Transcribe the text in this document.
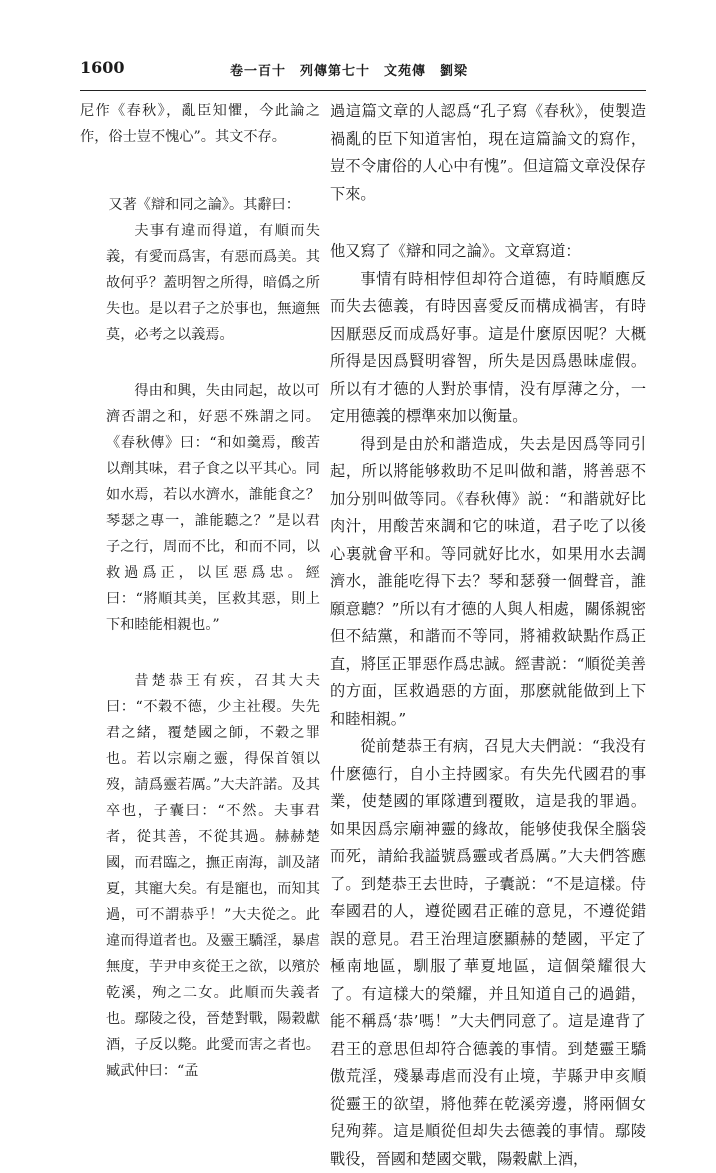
1600	卷一百十　列傳第七十　文苑傳　劉梁

尼作《春秋》，亂臣知懼，今此論之作，俗士豈不愧心”。其文不存。

又著《辯和同之論》。其辭曰：

夫事有違而得道，有順而失義，有愛而爲害，有惡而爲美。其故何乎？蓋明智之所得，暗僞之所失也。是以君子之於事也，無適無莫，必考之以義焉。

得由和興，失由同起，故以可濟否謂之和，好惡不殊謂之同。《春秋傳》曰：“和如羹焉，酸苦以劑其味，君子食之以平其心。同如水焉，若以水濟水，誰能食之？琴瑟之專一，誰能聽之？”是以君子之行，周而不比，和而不同，以救過爲正，以匡惡爲忠。經曰：“將順其美，匡救其惡，則上下和睦能相親也。”

昔楚恭王有疾，召其大夫曰：“不穀不德，少主社稷。失先君之緒，覆楚國之師，不穀之罪也。若以宗廟之靈，得保首領以歿，請爲靈若厲。”大夫許諾。及其卒也，子囊曰：“不然。夫事君者，從其善，不從其過。赫赫楚國，而君臨之，撫正南海，訓及諸夏，其寵大矣。有是寵也，而知其過，可不謂恭乎！”大夫從之。此違而得道者也。及靈王驕淫，暴虐無度，芋尹申亥從王之欲，以殯於乾溪，殉之二女。此順而失義者也。鄢陵之役，晉楚對戰，陽穀獻酒，子反以斃。此愛而害之者也。臧武仲曰：“孟

過這篇文章的人認爲“孔子寫《春秋》，使製造禍亂的臣下知道害怕，現在這篇論文的寫作，豈不令庸俗的人心中有愧”。但這篇文章没保存下來。

他又寫了《辯和同之論》。文章寫道：

事情有時相悖但却符合道德，有時順應反而失去德義，有時因喜愛反而構成禍害，有時因厭惡反而成爲好事。這是什麼原因呢？大概所得是因爲賢明睿智，所失是因爲愚昧虚假。所以有才德的人對於事情，没有厚薄之分，一定用德義的標準來加以衡量。

得到是由於和諧造成，失去是因爲等同引起，所以將能够救助不足叫做和諧，將善惡不加分别叫做等同。《春秋傳》説：“和諧就好比肉汁，用酸苦來調和它的味道，君子吃了以後心裏就會平和。等同就好比水，如果用水去調濟水，誰能吃得下去？琴和瑟發一個聲音，誰願意聽？”所以有才德的人與人相處，關係親密但不結黨，和諧而不等同，將補救缺點作爲正直，將匡正罪惡作爲忠誠。經書説：“順從美善的方面，匡救過惡的方面，那麽就能做到上下和睦相親。”

從前楚恭王有病，召見大夫們説：“我没有什麽德行，自小主持國家。有失先代國君的事業，使楚國的軍隊遭到覆敗，這是我的罪過。如果因爲宗廟神靈的緣故，能够使我保全腦袋而死，請給我謚號爲靈或者爲厲。”大夫們答應了。到楚恭王去世時，子囊説：“不是這樣。侍奉國君的人，遵從國君正確的意見，不遵從錯誤的意見。君王治理這麽顯赫的楚國，平定了極南地區，馴服了華夏地區，這個榮耀很大了。有這樣大的榮耀，并且知道自己的過錯，能不稱爲‘恭’嗎！”大夫們同意了。這是違背了君王的意思但却符合德義的事情。到楚靈王驕傲荒淫，殘暴毒虐而没有止境，芋縣尹申亥順從靈王的欲望，將他葬在乾溪旁邊，將兩個女兒殉葬。這是順從但却失去德義的事情。鄢陵戰役，晉國和楚國交戰，陽穀獻上酒，
